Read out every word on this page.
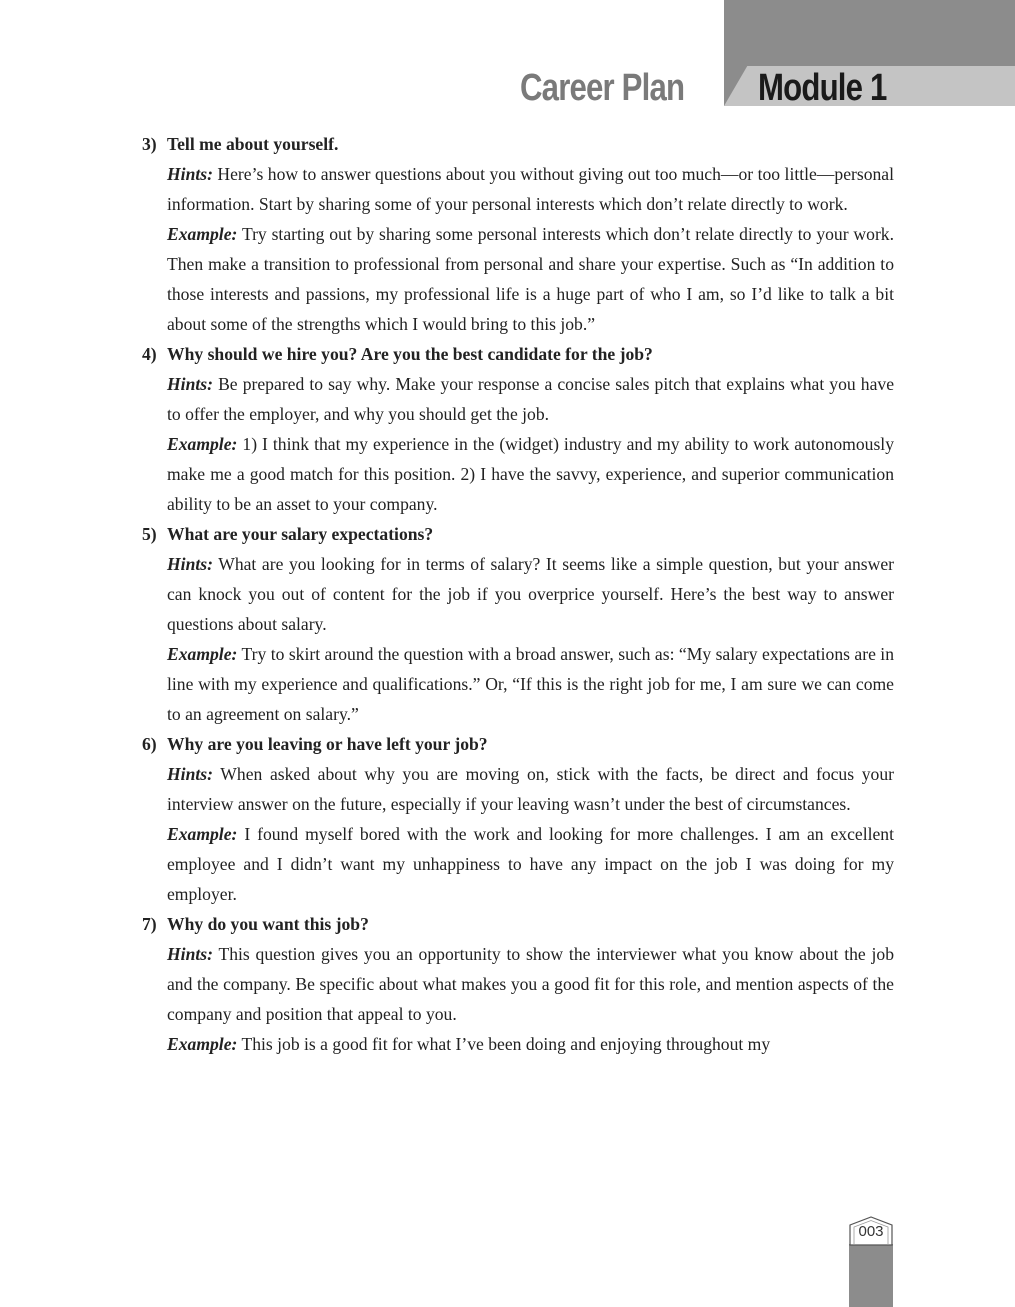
Career Plan Module 1
3) Tell me about yourself.
Hints: Here’s how to answer questions about you without giving out too much—or too little—personal information. Start by sharing some of your personal interests which don’t relate directly to work.
Example: Try starting out by sharing some personal interests which don’t relate directly to your work. Then make a transition to professional from personal and share your expertise. Such as “In addition to those interests and passions, my professional life is a huge part of who I am, so I’d like to talk a bit about some of the strengths which I would bring to this job.”
4) Why should we hire you? Are you the best candidate for the job?
Hints: Be prepared to say why. Make your response a concise sales pitch that explains what you have to offer the employer, and why you should get the job.
Example: 1) I think that my experience in the (widget) industry and my ability to work autonomously make me a good match for this position. 2) I have the savvy, experience, and superior communication ability to be an asset to your company.
5) What are your salary expectations?
Hints: What are you looking for in terms of salary? It seems like a simple question, but your answer can knock you out of content for the job if you overprice yourself. Here’s the best way to answer questions about salary.
Example: Try to skirt around the question with a broad answer, such as: “My salary expectations are in line with my experience and qualifications.” Or, “If this is the right job for me, I am sure we can come to an agreement on salary.”
6) Why are you leaving or have left your job?
Hints: When asked about why you are moving on, stick with the facts, be direct and focus your interview answer on the future, especially if your leaving wasn’t under the best of circumstances.
Example: I found myself bored with the work and looking for more challenges. I am an excellent employee and I didn’t want my unhappiness to have any impact on the job I was doing for my employer.
7) Why do you want this job?
Hints: This question gives you an opportunity to show the interviewer what you know about the job and the company. Be specific about what makes you a good fit for this role, and mention aspects of the company and position that appeal to you.
Example: This job is a good fit for what I’ve been doing and enjoying throughout my
003
